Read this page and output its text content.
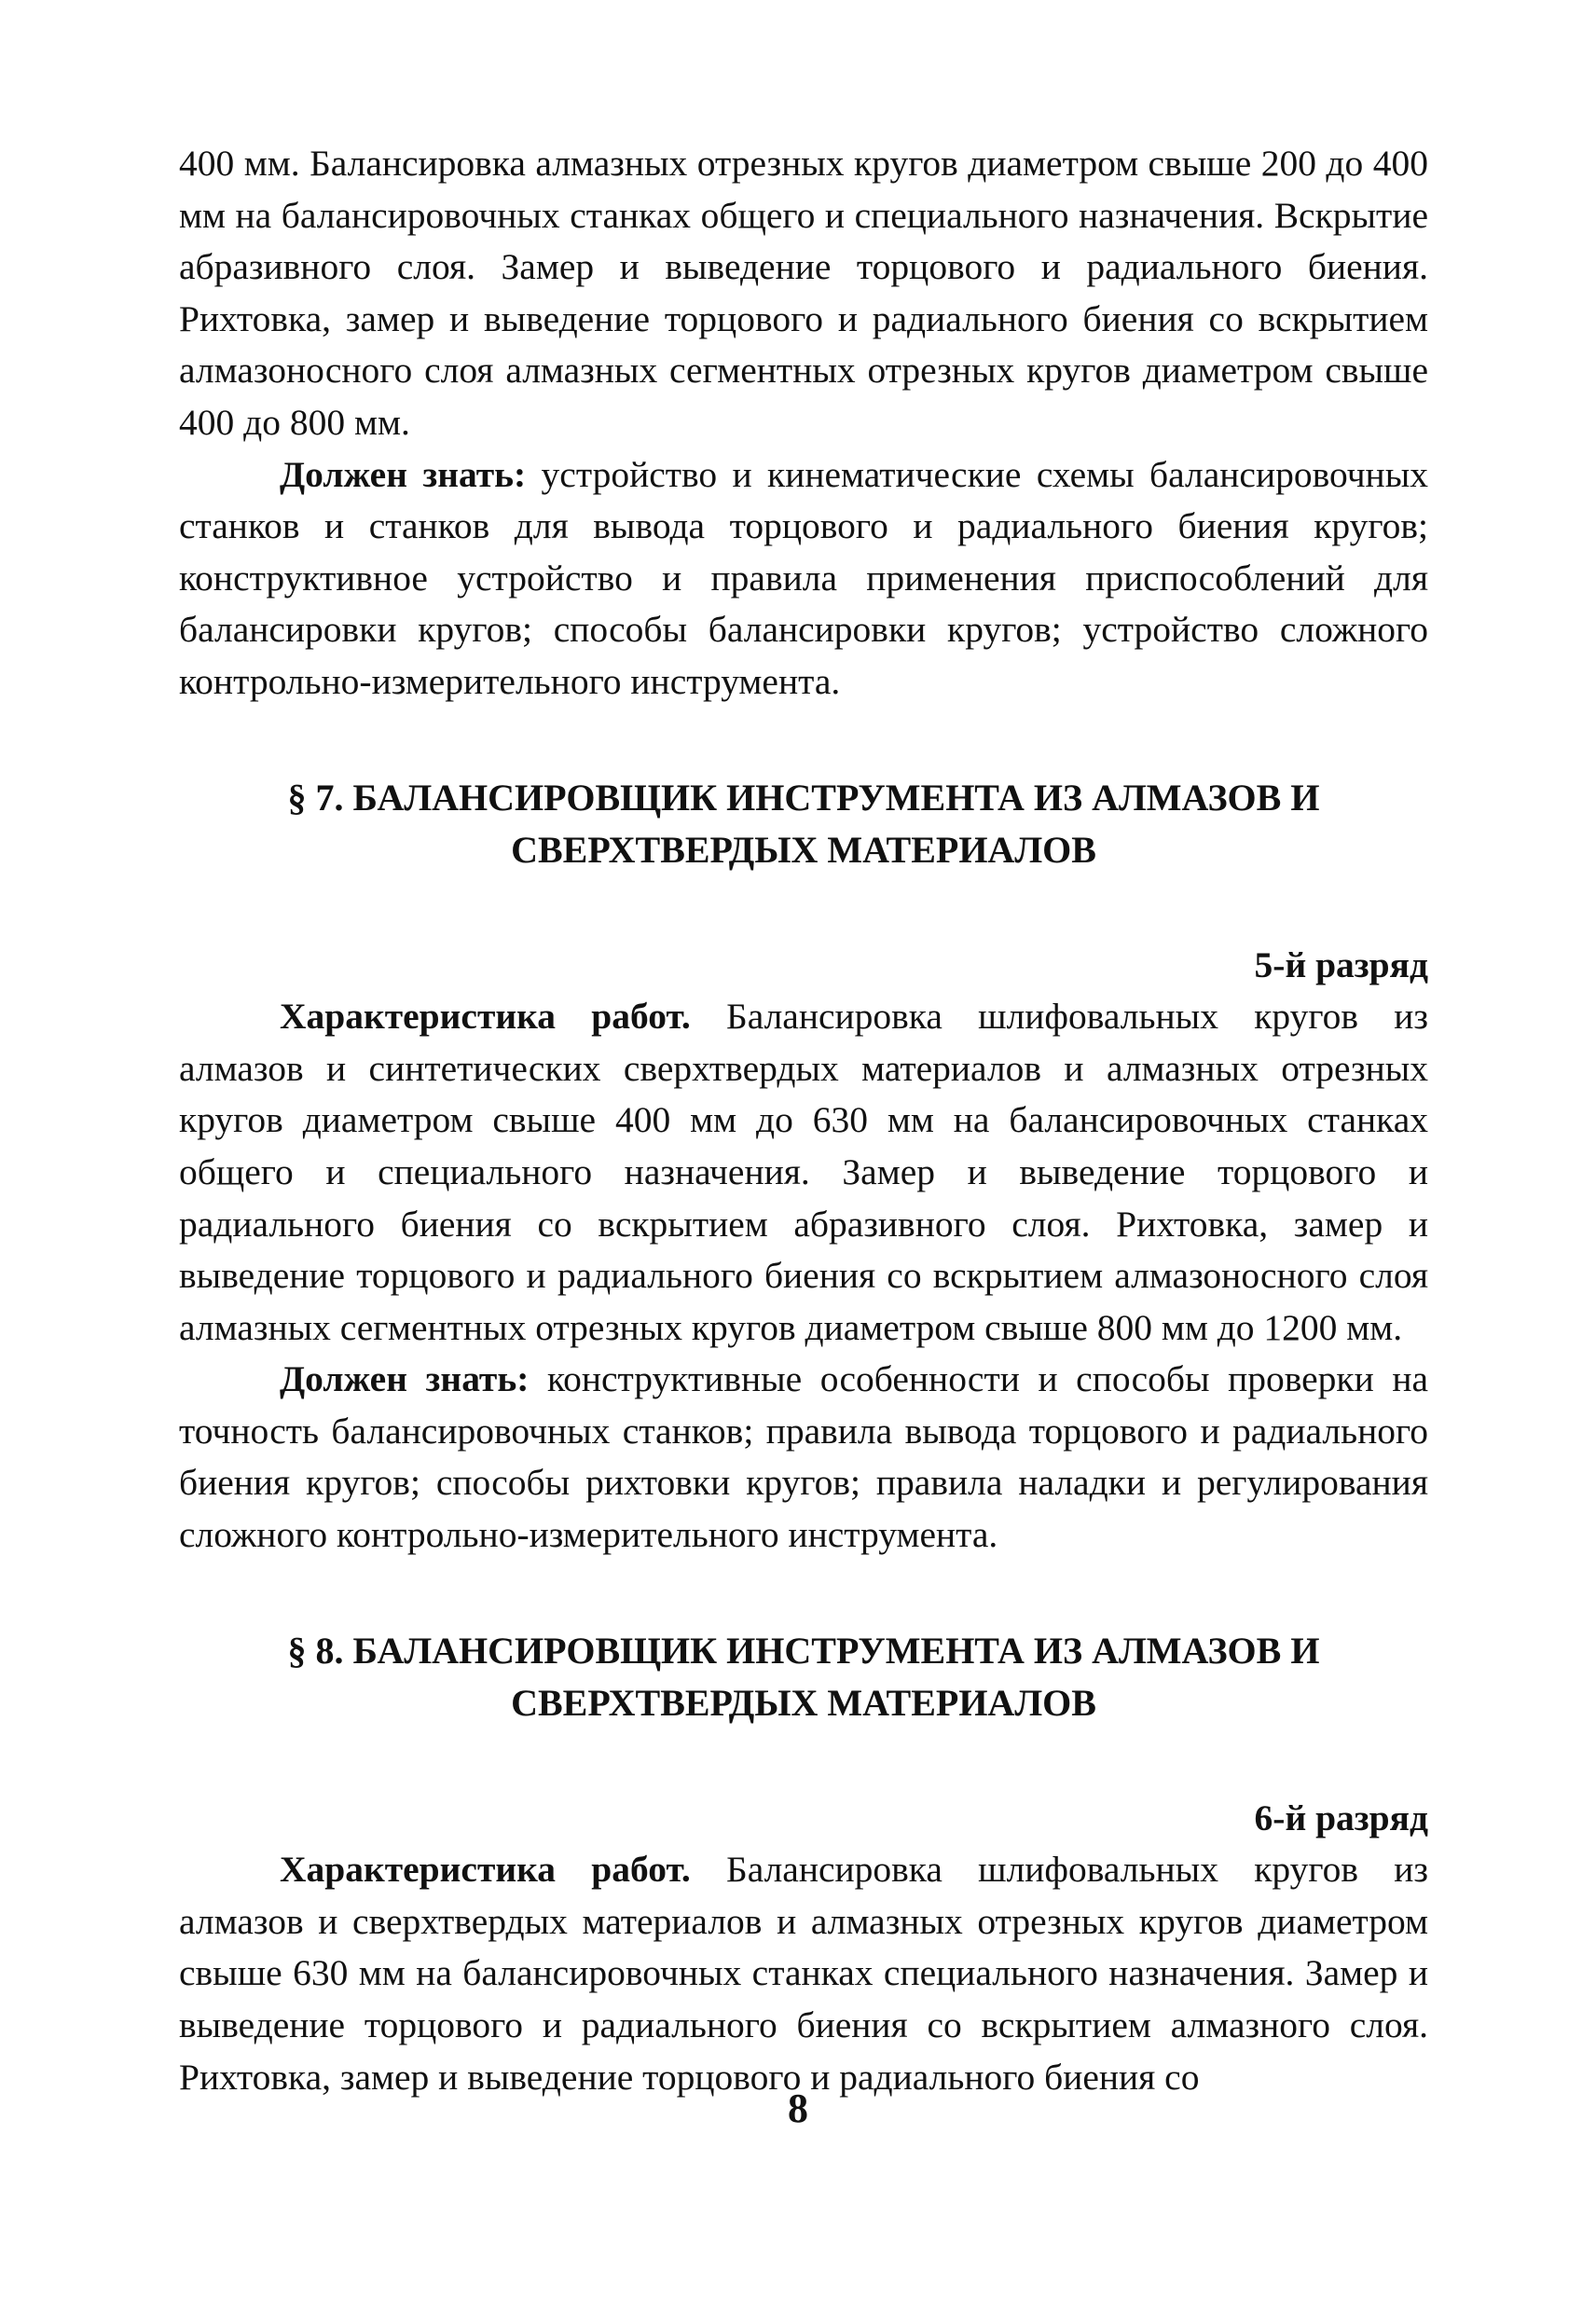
400 мм. Балансировка алмазных отрезных кругов диаметром свыше 200 до 400 мм на балансировочных станках общего и специального назначения. Вскрытие абразивного слоя. Замер и выведение торцового и радиального биения. Рихтовка, замер и выведение торцового и радиального биения со вскрытием алмазоносного слоя алмазных сегментных отрезных кругов диаметром свыше 400 до 800 мм.

Должен знать: устройство и кинематические схемы балансировочных станков и станков для вывода торцового и радиального биения кругов; конструктивное устройство и правила применения приспособлений для балансировки кругов; способы балансировки кругов; устройство сложного контрольно-измерительного инструмента.

§ 7. БАЛАНСИРОВЩИК ИНСТРУМЕНТА ИЗ АЛМАЗОВ И
СВЕРХТВЕРДЫХ МАТЕРИАЛОВ
5-й разряд

Характеристика работ. Балансировка шлифовальных кругов из алмазов и синтетических сверхтвердых материалов и алмазных отрезных кругов диаметром свыше 400 мм до 630 мм на балансировочных станках общего и специального назначения. Замер и выведение торцового и радиального биения со вскрытием абразивного слоя. Рихтовка, замер и выведение торцового и радиального биения со вскрытием алмазоносного слоя алмазных сегментных отрезных кругов диаметром свыше 800 мм до 1200 мм.

Должен знать: конструктивные особенности и способы проверки на точность балансировочных станков; правила вывода торцового и радиального биения кругов; способы рихтовки кругов; правила наладки и регулирования сложного контрольно-измерительного инструмента.

§ 8. БАЛАНСИРОВЩИК ИНСТРУМЕНТА ИЗ АЛМАЗОВ И
СВЕРХТВЕРДЫХ МАТЕРИАЛОВ
6-й разряд

Характеристика работ. Балансировка шлифовальных кругов из алмазов и сверхтвердых материалов и алмазных отрезных кругов диаметром свыше 630 мм на балансировочных станках специального назначения. Замер и выведение торцового и радиального биения со вскрытием алмазного слоя. Рихтовка, замер и выведение торцового и радиального биения со

8
